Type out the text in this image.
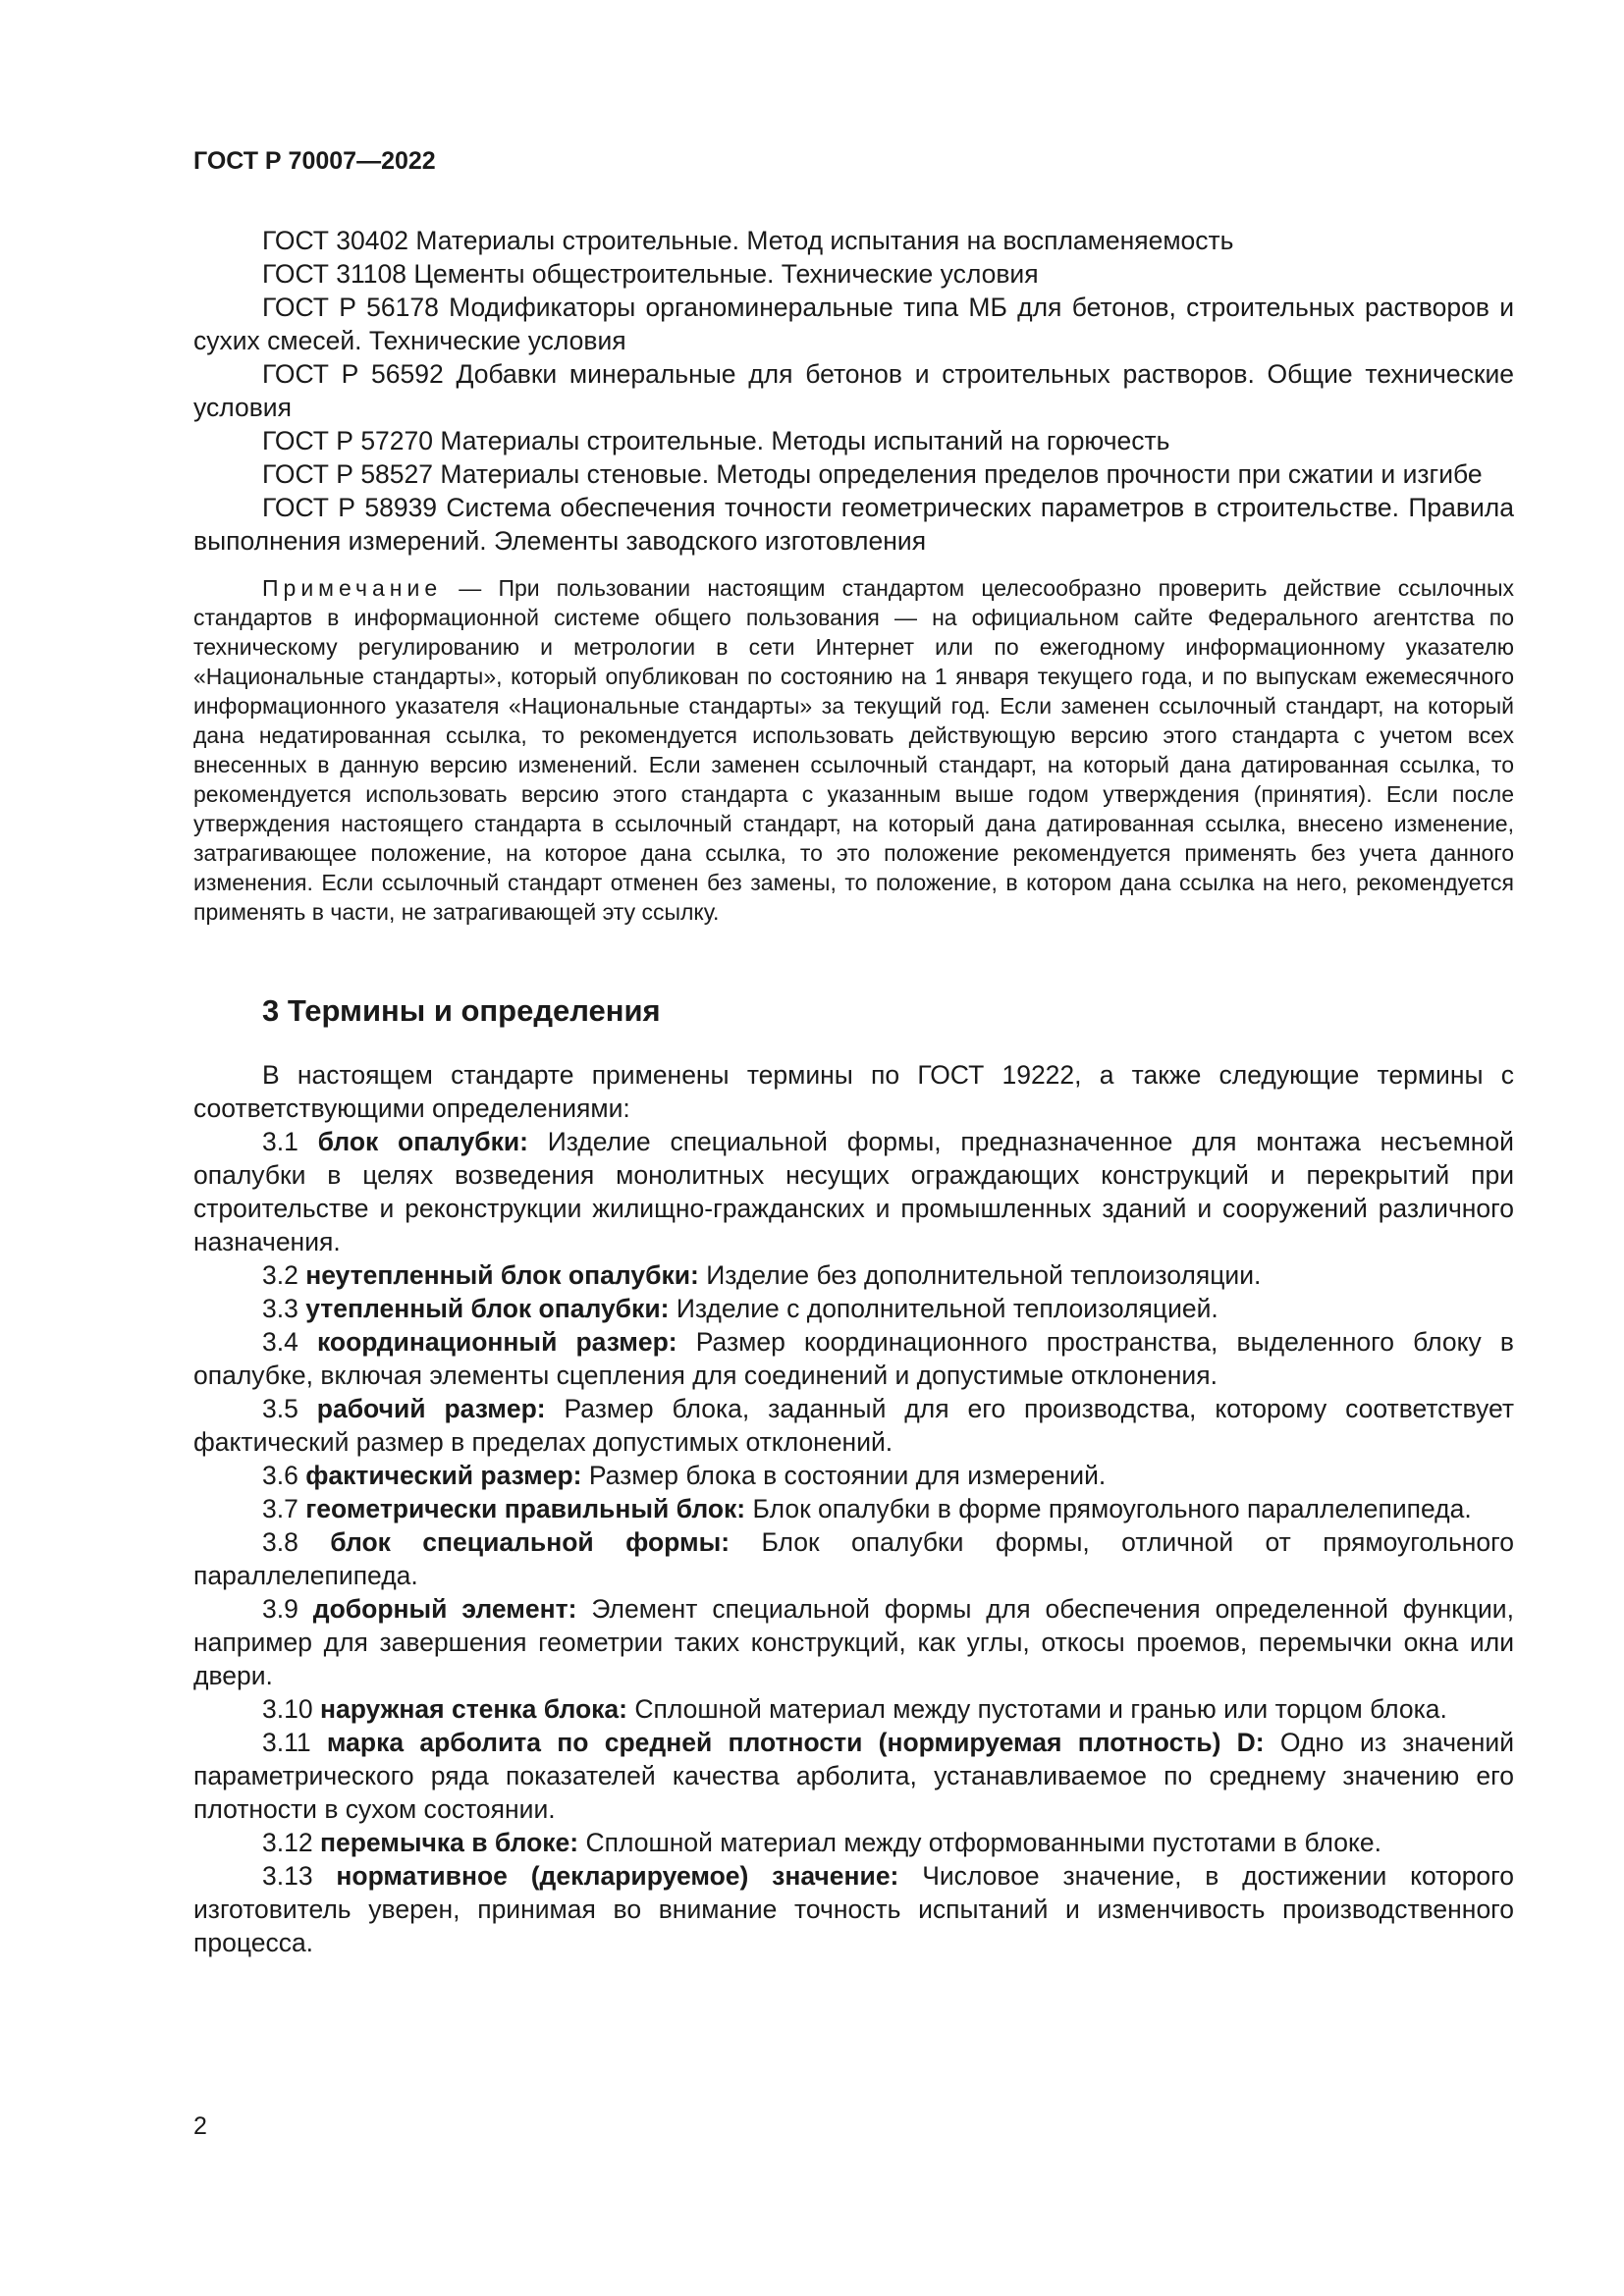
ГОСТ Р 70007—2022

ГОСТ 30402 Материалы строительные. Метод испытания на воспламеняемость

ГОСТ 31108 Цементы общестроительные. Технические условия

ГОСТ Р 56178 Модификаторы органоминеральные типа МБ для бетонов, строительных растворов и сухих смесей. Технические условия

ГОСТ Р 56592 Добавки минеральные для бетонов и строительных растворов. Общие технические условия

ГОСТ Р 57270 Материалы строительные. Методы испытаний на горючесть

ГОСТ Р 58527 Материалы стеновые. Методы определения пределов прочности при сжатии и изгибе

ГОСТ Р 58939 Система обеспечения точности геометрических параметров в строительстве. Правила выполнения измерений. Элементы заводского изготовления

Примечание — При пользовании настоящим стандартом целесообразно проверить действие ссылочных стандартов в информационной системе общего пользования — на официальном сайте Федерального агентства по техническому регулированию и метрологии в сети Интернет или по ежегодному информационному указателю «Национальные стандарты», который опубликован по состоянию на 1 января текущего года, и по выпускам ежемесячного информационного указателя «Национальные стандарты» за текущий год. Если заменен ссылочный стандарт, на который дана недатированная ссылка, то рекомендуется использовать действующую версию этого стандарта с учетом всех внесенных в данную версию изменений. Если заменен ссылочный стандарт, на который дана датированная ссылка, то рекомендуется использовать версию этого стандарта с указанным выше годом утверждения (принятия). Если после утверждения настоящего стандарта в ссылочный стандарт, на который дана датированная ссылка, внесено изменение, затрагивающее положение, на которое дана ссылка, то это положение рекомендуется применять без учета данного изменения. Если ссылочный стандарт отменен без замены, то положение, в котором дана ссылка на него, рекомендуется применять в части, не затрагивающей эту ссылку.

3 Термины и определения

В настоящем стандарте применены термины по ГОСТ 19222, а также следующие термины с соответствующими определениями:

3.1 блок опалубки: Изделие специальной формы, предназначенное для монтажа несъемной опалубки в целях возведения монолитных несущих ограждающих конструкций и перекрытий при строительстве и реконструкции жилищно-гражданских и промышленных зданий и сооружений различного назначения.

3.2 неутепленный блок опалубки: Изделие без дополнительной теплоизоляции.

3.3 утепленный блок опалубки: Изделие с дополнительной теплоизоляцией.

3.4 координационный размер: Размер координационного пространства, выделенного блоку в опалубке, включая элементы сцепления для соединений и допустимые отклонения.

3.5 рабочий размер: Размер блока, заданный для его производства, которому соответствует фактический размер в пределах допустимых отклонений.

3.6 фактический размер: Размер блока в состоянии для измерений.

3.7 геометрически правильный блок: Блок опалубки в форме прямоугольного параллелепипеда.

3.8 блок специальной формы: Блок опалубки формы, отличной от прямоугольного параллелепипеда.

3.9 доборный элемент: Элемент специальной формы для обеспечения определенной функции, например для завершения геометрии таких конструкций, как углы, откосы проемов, перемычки окна или двери.

3.10 наружная стенка блока: Сплошной материал между пустотами и гранью или торцом блока.

3.11 марка арболита по средней плотности (нормируемая плотность) D: Одно из значений параметрического ряда показателей качества арболита, устанавливаемое по среднему значению его плотности в сухом состоянии.

3.12 перемычка в блоке: Сплошной материал между отформованными пустотами в блоке.

3.13 нормативное (декларируемое) значение: Числовое значение, в достижении которого изготовитель уверен, принимая во внимание точность испытаний и изменчивость производственного процесса.

2
